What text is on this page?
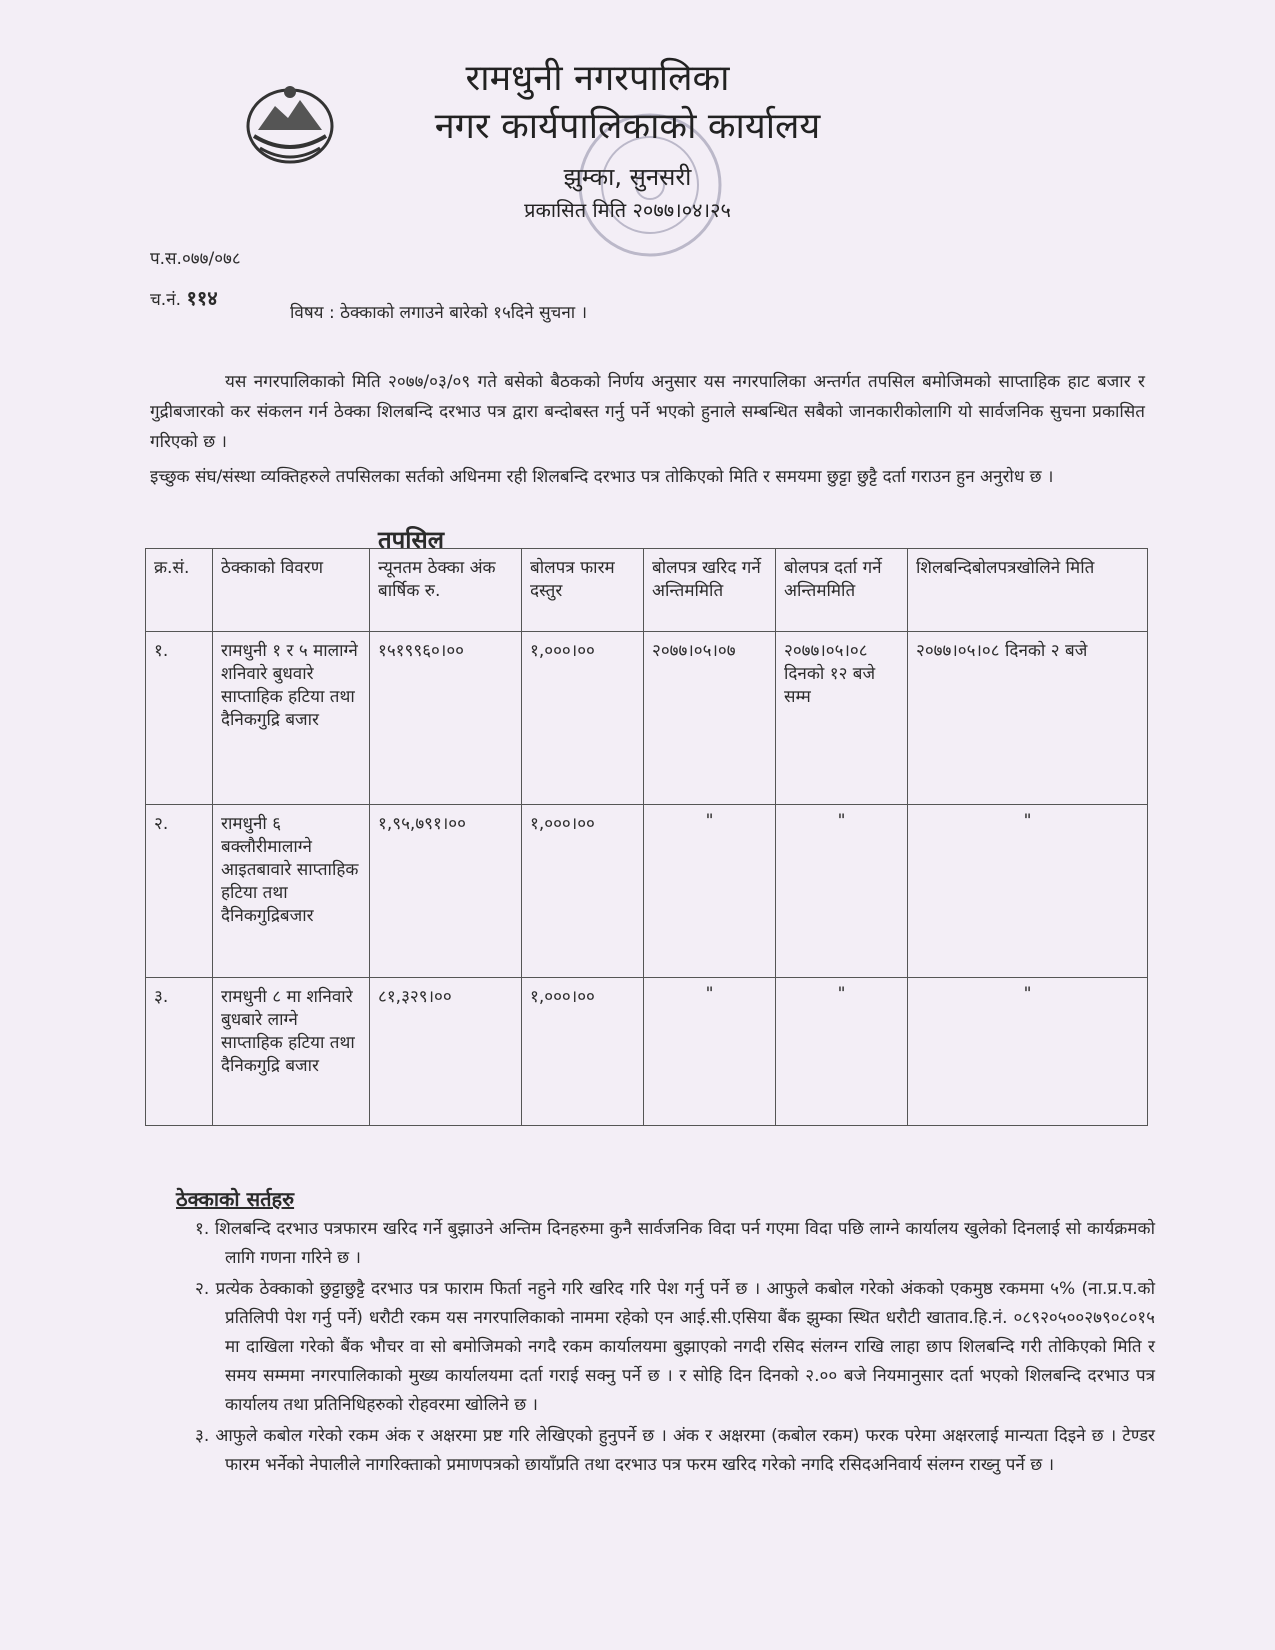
रामधुनी नगरपालिका
नगर कार्यपालिकाको कार्यालय
झुम्का, सुनसरी
प्रकासित मिति २०७७।०४।२५
प.स.०७७/०७८
च.नं. ११४
विषय : ठेक्काको लगाउने बारेको १५दिने सुचना ।
यस नगरपालिकाको मिति २०७७/०३/०९ गते बसेको बैठकको निर्णय अनुसार यस नगरपालिका अन्तर्गत तपसिल बमोजिमको साप्ताहिक हाट बजार र गुद्रीबजारको कर संकलन गर्न ठेक्का शिलबन्दि दरभाउ पत्र द्वारा बन्दोबस्त गर्नु पर्ने भएको हुनाले सम्बन्धित सबैको जानकारीकोलागि यो सार्वजनिक सुचना प्रकासित गरिएको छ ।
इच्छुक संघ/संस्था व्यक्तिहरुले तपसिलका सर्तको अधिनमा रही शिलबन्दि दरभाउ पत्र तोकिएको मिति र समयमा छुट्टा छुट्टै दर्ता गराउन हुन अनुरोध छ ।
तपसिल
क्र.सं.	ठेक्काको विवरण	न्यूनतम ठेक्का अंक बार्षिक रु.	बोलपत्र फारम दस्तुर	बोलपत्र खरिद गर्ने अन्तिममिति	बोलपत्र दर्ता गर्ने अन्तिममिति	शिलबन्दिबोलपत्रखोलिने मिति
१.	रामधुनी १ र ५ मालाग्ने शनिवारे बुधवारे साप्ताहिक हटिया तथा दैनिकगुद्रि बजार	१५१९९६०।००	१,०००।००	२०७७।०५।०७	२०७७।०५।०८ दिनको १२ बजे सम्म	२०७७।०५।०८ दिनको २ बजे
२.	रामधुनी ६ बक्लौरीमालाग्ने आइतबावारे साप्ताहिक हटिया तथा दैनिकगुद्रिबजार	१,९५,७९१।००	१,०००।००	"	"	"
३.	रामधुनी ८ मा शनिवारे बुधबारे लाग्ने साप्ताहिक हटिया तथा दैनिकगुद्रि बजार	८१,३२९।००	१,०००।००	"	"	"
ठेक्काको सर्तहरु

१. शिलबन्दि दरभाउ पत्रफारम खरिद गर्ने बुझाउने अन्तिम दिनहरुमा कुनै सार्वजनिक विदा पर्न गएमा विदा पछि लाग्ने कार्यालय खुलेको दिनलाई सो कार्यक्रमको लागि गणना गरिने छ ।

२. प्रत्येक ठेक्काको छुट्टाछुट्टै दरभाउ पत्र फाराम फिर्ता नहुने गरि खरिद गरि पेश गर्नु पर्ने छ । आफुले कबोल गरेको अंकको एकमुष्ठ रकममा ५% (ना.प्र.प.को प्रतिलिपी पेश गर्नु पर्ने) धरौटी रकम यस नगरपालिकाको नाममा रहेको एन आई.सी.एसिया बैंक झुम्का स्थित धरौटी खाताव.हि.नं. ०८९२०५००२७९०८०१५ मा दाखिला गरेको बैंक भौचर वा सो बमोजिमको नगदै रकम कार्यालयमा बुझाएको नगदी रसिद संलग्न राखि लाहा छाप शिलबन्दि गरी तोकिएको मिति र समय सम्ममा नगरपालिकाको मुख्य कार्यालयमा दर्ता गराई सक्नु पर्ने छ । र सोहि दिन दिनको २.०० बजे नियमानुसार दर्ता भएको शिलबन्दि दरभाउ पत्र कार्यालय तथा प्रतिनिधिहरुको रोहवरमा खोलिने छ ।

३. आफुले कबोल गरेको रकम अंक र अक्षरमा प्रष्ट गरि लेखिएको हुनुपर्ने छ । अंक र अक्षरमा (कबोल रकम) फरक परेमा अक्षरलाई मान्यता दिइने छ । टेण्डर फारम भर्नेको नेपालीले नागरिक्ताको प्रमाणपत्रको छायाँप्रति तथा दरभाउ पत्र फरम खरिद गरेको नगदि रसिदअनिवार्य संलग्न राख्नु पर्ने छ ।
